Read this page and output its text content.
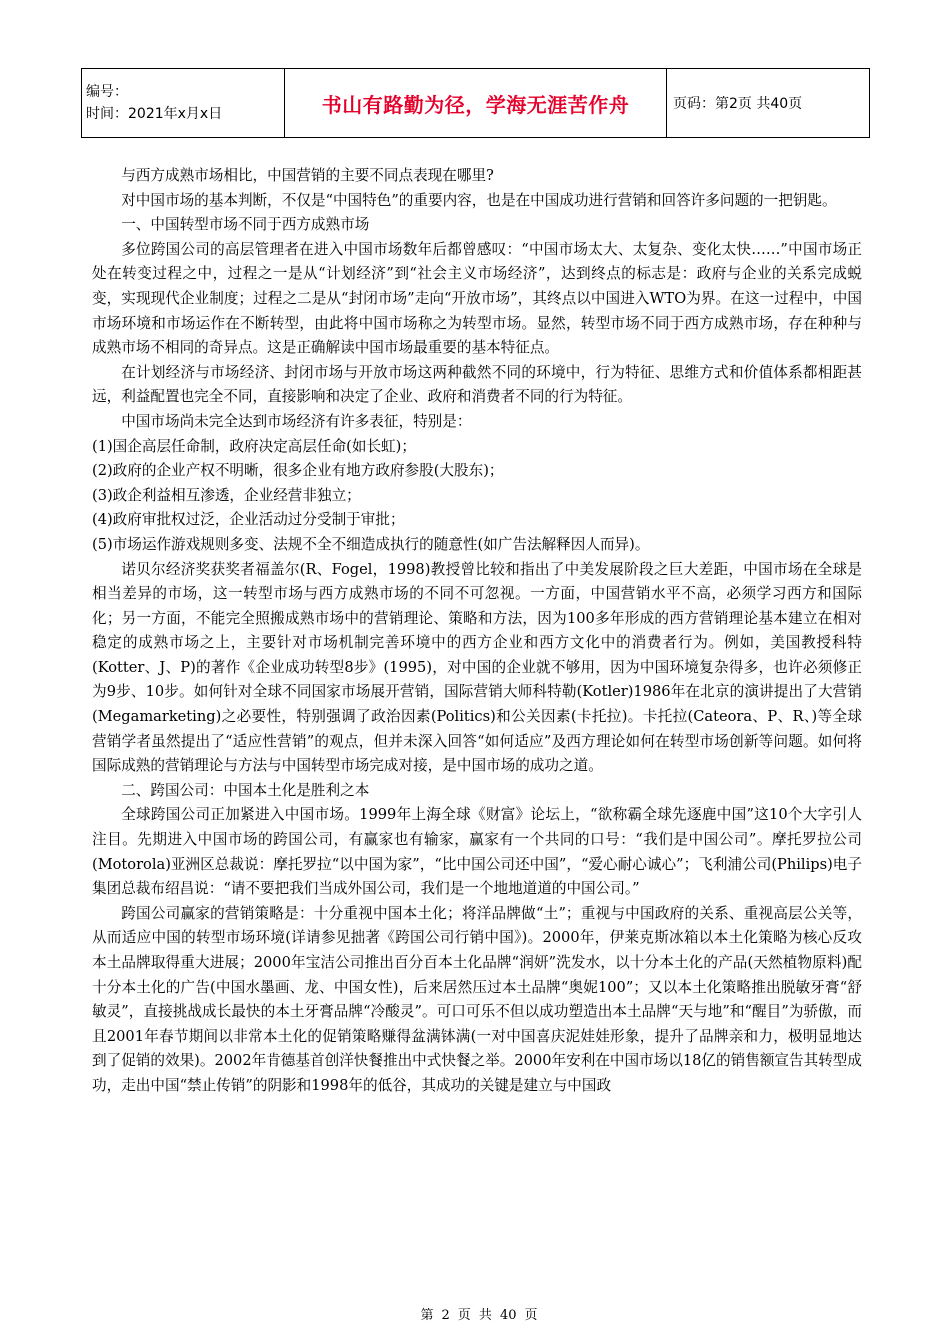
编号：
时间：2021年x月x日	书山有路勤为径，学海无涯苦作舟	页码：第2页 共40页

与西方成熟市场相比，中国营销的主要不同点表现在哪里?

对中国市场的基本判断，不仅是“中国特色”的重要内容，也是在中国成功进行营销和回答许多问题的一把钥匙。

一、中国转型市场不同于西方成熟市场

多位跨国公司的高层管理者在进入中国市场数年后都曾感叹：“中国市场太大、太复杂、变化太快……”中国市场正处在转变过程之中，过程之一是从“计划经济”到“社会主义市场经济”，达到终点的标志是：政府与企业的关系完成蜕变，实现现代企业制度；过程之二是从“封闭市场”走向“开放市场”，其终点以中国进入WTO为界。在这一过程中，中国市场环境和市场运作在不断转型，由此将中国市场称之为转型市场。显然，转型市场不同于西方成熟市场，存在种种与成熟市场不相同的奇异点。这是正确解读中国市场最重要的基本特征点。

在计划经济与市场经济、封闭市场与开放市场这两种截然不同的环境中，行为特征、思维方式和价值体系都相距甚远，利益配置也完全不同，直接影响和决定了企业、政府和消费者不同的行为特征。

中国市场尚未完全达到市场经济有许多表征，特别是：

(1)国企高层任命制，政府决定高层任命(如长虹)；

(2)政府的企业产权不明晰，很多企业有地方政府参股(大股东)；

(3)政企利益相互渗透，企业经营非独立；

(4)政府审批权过泛，企业活动过分受制于审批；

(5)市场运作游戏规则多变、法规不全不细造成执行的随意性(如广告法解释因人而异)。

诺贝尔经济奖获奖者福盖尔(R、Fogel，1998)教授曾比较和指出了中美发展阶段之巨大差距，中国市场在全球是相当差异的市场，这一转型市场与西方成熟市场的不同不可忽视。一方面，中国营销水平不高，必须学习西方和国际化；另一方面，不能完全照搬成熟市场中的营销理论、策略和方法，因为100多年形成的西方营销理论基本建立在相对稳定的成熟市场之上，主要针对市场机制完善环境中的西方企业和西方文化中的消费者行为。例如，美国教授科特(Kotter、J、P)的著作《企业成功转型8步》(1995)，对中国的企业就不够用，因为中国环境复杂得多，也许必须修正为9步、10步。如何针对全球不同国家市场展开营销，国际营销大师科特勒(Kotler)1986年在北京的演讲提出了大营销(Megamarketing)之必要性，特别强调了政治因素(Politics)和公关因素(卡托拉)。卡托拉(Cateora、P、R、)等全球营销学者虽然提出了“适应性营销”的观点，但并未深入回答“如何适应”及西方理论如何在转型市场创新等问题。如何将国际成熟的营销理论与方法与中国转型市场完成对接，是中国市场的成功之道。

二、跨国公司：中国本土化是胜利之本

全球跨国公司正加紧进入中国市场。1999年上海全球《财富》论坛上，“欲称霸全球先逐鹿中国”这10个大字引人注目。先期进入中国市场的跨国公司，有赢家也有输家，赢家有一个共同的口号：“我们是中国公司”。摩托罗拉公司(Motorola)亚洲区总裁说：摩托罗拉“以中国为家”，“比中国公司还中国”，“爱心耐心诚心”；飞利浦公司(Philips)电子集团总裁布绍昌说：“请不要把我们当成外国公司，我们是一个地地道道的中国公司。”

跨国公司赢家的营销策略是：十分重视中国本土化；将洋品牌做“土”；重视与中国政府的关系、重视高层公关等，从而适应中国的转型市场环境(详请参见拙著《跨国公司行销中国》)。2000年，伊莱克斯冰箱以本土化策略为核心反攻本土品牌取得重大进展；2000年宝洁公司推出百分百本土化品牌“润妍”洗发水，以十分本土化的产品(天然植物原料)配十分本土化的广告(中国水墨画、龙、中国女性)，后来居然压过本土品牌“奥妮100”；又以本土化策略推出脱敏牙膏“舒敏灵”，直接挑战成长最快的本土牙膏品牌“冷酸灵”。可口可乐不但以成功塑造出本土品牌“天与地”和“醒目”为骄傲，而且2001年春节期间以非常本土化的促销策略赚得盆满钵满(一对中国喜庆泥娃娃形象，提升了品牌亲和力，极明显地达到了促销的效果)。2002年肯德基首创洋快餐推出中式快餐之举。2000年安利在中国市场以18亿的销售额宣告其转型成功，走出中国“禁止传销”的阴影和1998年的低谷，其成功的关键是建立与中国政

第 2 页 共 40 页
